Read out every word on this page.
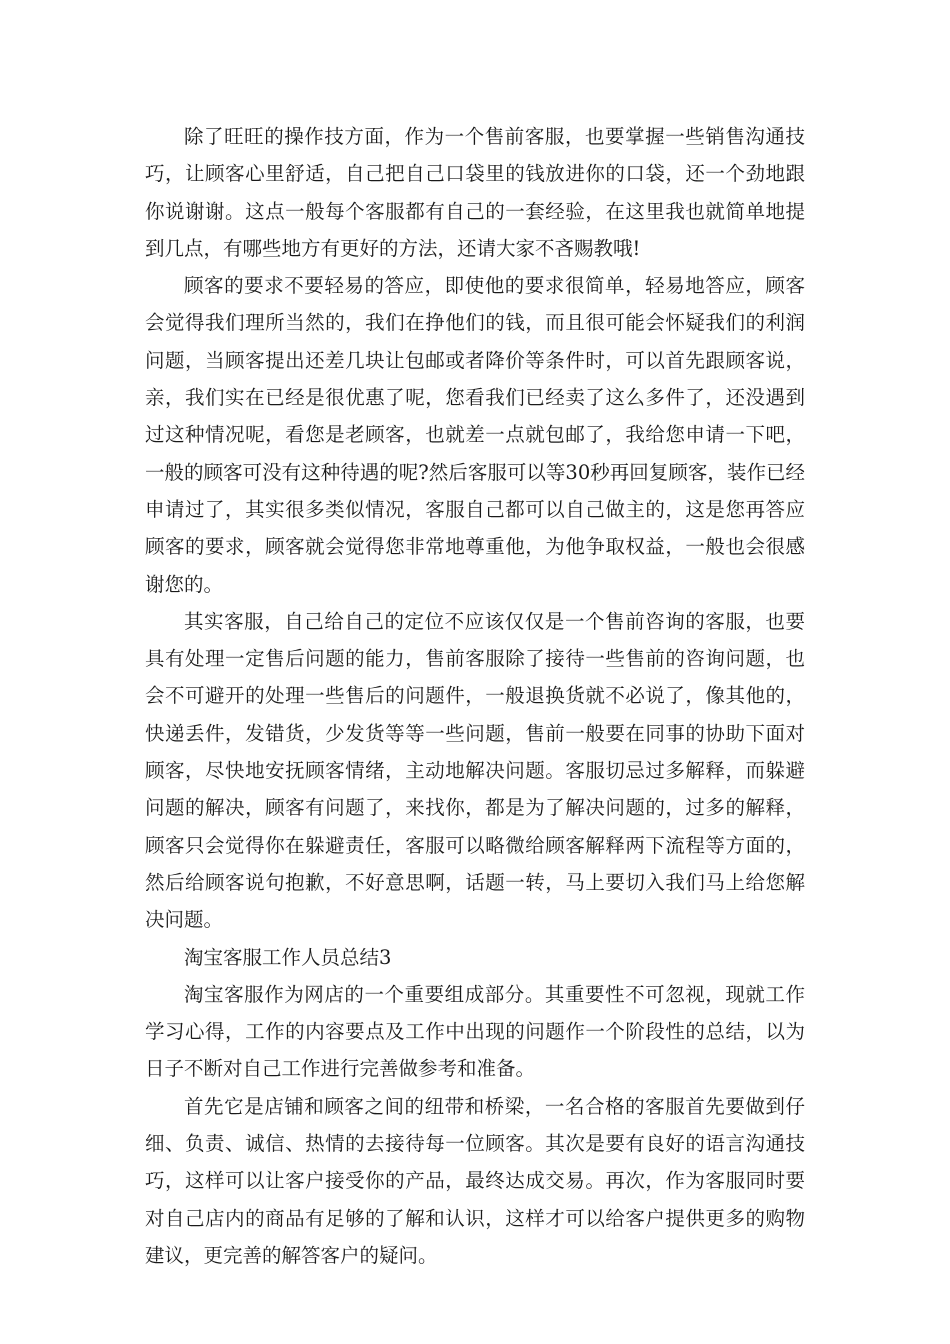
除了旺旺的操作技方面，作为一个售前客服，也要掌握一些销售沟通技巧，让顾客心里舒适，自己把自己口袋里的钱放进你的口袋，还一个劲地跟你说谢谢。这点一般每个客服都有自己的一套经验，在这里我也就简单地提到几点，有哪些地方有更好的方法，还请大家不吝赐教哦!

顾客的要求不要轻易的答应，即使他的要求很简单，轻易地答应，顾客会觉得我们理所当然的，我们在挣他们的钱，而且很可能会怀疑我们的利润问题，当顾客提出还差几块让包邮或者降价等条件时，可以首先跟顾客说，亲，我们实在已经是很优惠了呢，您看我们已经卖了这么多件了，还没遇到过这种情况呢，看您是老顾客，也就差一点就包邮了，我给您申请一下吧，一般的顾客可没有这种待遇的呢?然后客服可以等30秒再回复顾客，装作已经申请过了，其实很多类似情况，客服自己都可以自己做主的，这是您再答应顾客的要求，顾客就会觉得您非常地尊重他，为他争取权益，一般也会很感谢您的。

其实客服，自己给自己的定位不应该仅仅是一个售前咨询的客服，也要具有处理一定售后问题的能力，售前客服除了接待一些售前的咨询问题，也会不可避开的处理一些售后的问题件，一般退换货就不必说了，像其他的，快递丢件，发错货，少发货等等一些问题，售前一般要在同事的协助下面对顾客，尽快地安抚顾客情绪，主动地解决问题。客服切忌过多解释，而躲避问题的解决，顾客有问题了，来找你，都是为了解决问题的，过多的解释，顾客只会觉得你在躲避责任，客服可以略微给顾客解释两下流程等方面的，然后给顾客说句抱歉，不好意思啊，话题一转，马上要切入我们马上给您解决问题。

淘宝客服工作人员总结3

淘宝客服作为网店的一个重要组成部分。其重要性不可忽视，现就工作学习心得，工作的内容要点及工作中出现的问题作一个阶段性的总结，以为日子不断对自己工作进行完善做参考和准备。

首先它是店铺和顾客之间的纽带和桥梁，一名合格的客服首先要做到仔细、负责、诚信、热情的去接待每一位顾客。其次是要有良好的语言沟通技巧，这样可以让客户接受你的产品，最终达成交易。再次，作为客服同时要对自己店内的商品有足够的了解和认识，这样才可以给客户提供更多的购物建议，更完善的解答客户的疑问。
